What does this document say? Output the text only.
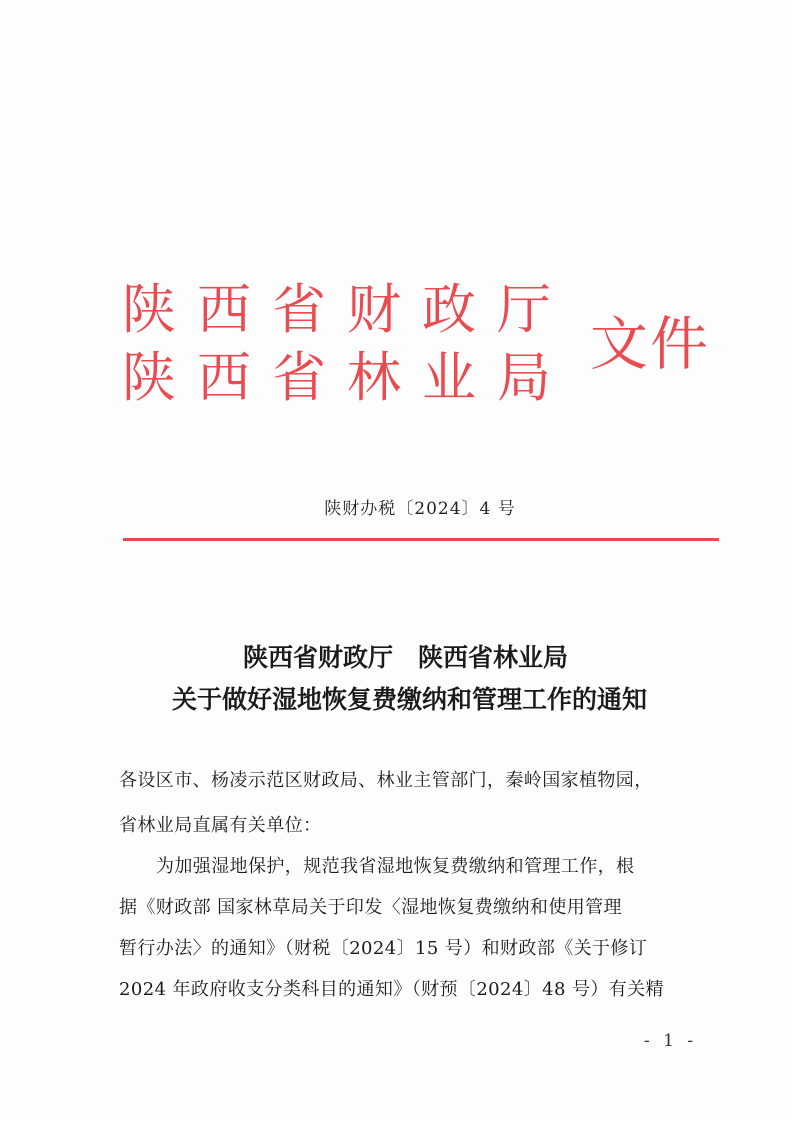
陕西省财政厅
陕西省林业局 文件
陕财办税〔2024〕4 号
陕西省财政厅　陕西省林业局
关于做好湿地恢复费缴纳和管理工作的通知
各设区市、杨凌示范区财政局、林业主管部门，秦岭国家植物园，
省林业局直属有关单位：
为加强湿地保护，规范我省湿地恢复费缴纳和管理工作，根
据《财政部 国家林草局关于印发〈湿地恢复费缴纳和使用管理
暂行办法〉的通知》（财税〔2024〕15 号）和财政部《关于修订
2024 年政府收支分类科目的通知》（财预〔2024〕48 号）有关精
- 1 -
